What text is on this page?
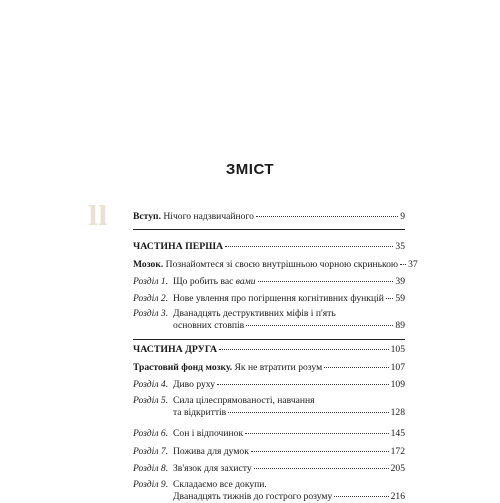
ⅼⅼ
ЗМІСТ
Вступ. Нічого надзвичайного	9
ЧАСТИНА ПЕРША	35
Мозок. Познайомтеся зі своєю внутрішньою чорною скринькою 37
Розділ 1. Що робить вас вами	39
Розділ 2. Нове увлення про погіршення когнітивних функцій 59
Розділ 3. Дванадцять деструктивних міфів і п'ять
основних стовпів	89
ЧАСТИНА ДРУГА	105
Трастовий фонд мозку. Як не втратити розум	107
Розділ 4. Диво руху	109
Розділ 5. Сила цілеспрямованості, навчання
та відкриттів	128
Розділ 6. Сон і відпочинок	145
Розділ 7. Пожива для думок	172
Розділ 8. Зв'язок для захисту	205
Розділ 9. Складаємо все докупи.
Дванадцять тижнів до гострого розуму	216
